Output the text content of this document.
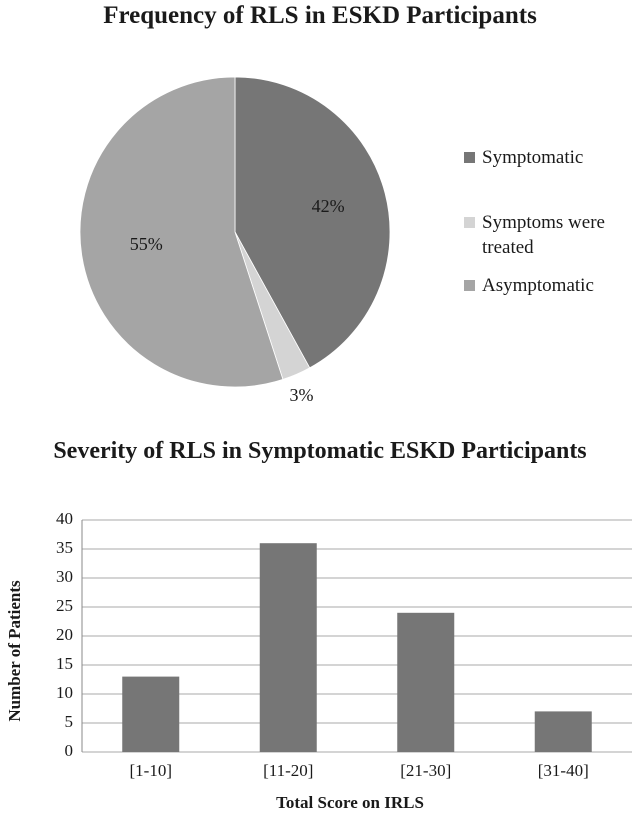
Frequency of RLS in ESKD Participants
42%
3%
55%
Symptomatic
Symptoms were treated
Asymptomatic
Severity of RLS in Symptomatic ESKD Participants
0
5
10
15
20
25
30
35
40
[1-10]	[11-20]	[21-30]	[31-40]
Total Score on IRLS
Number of Patients
